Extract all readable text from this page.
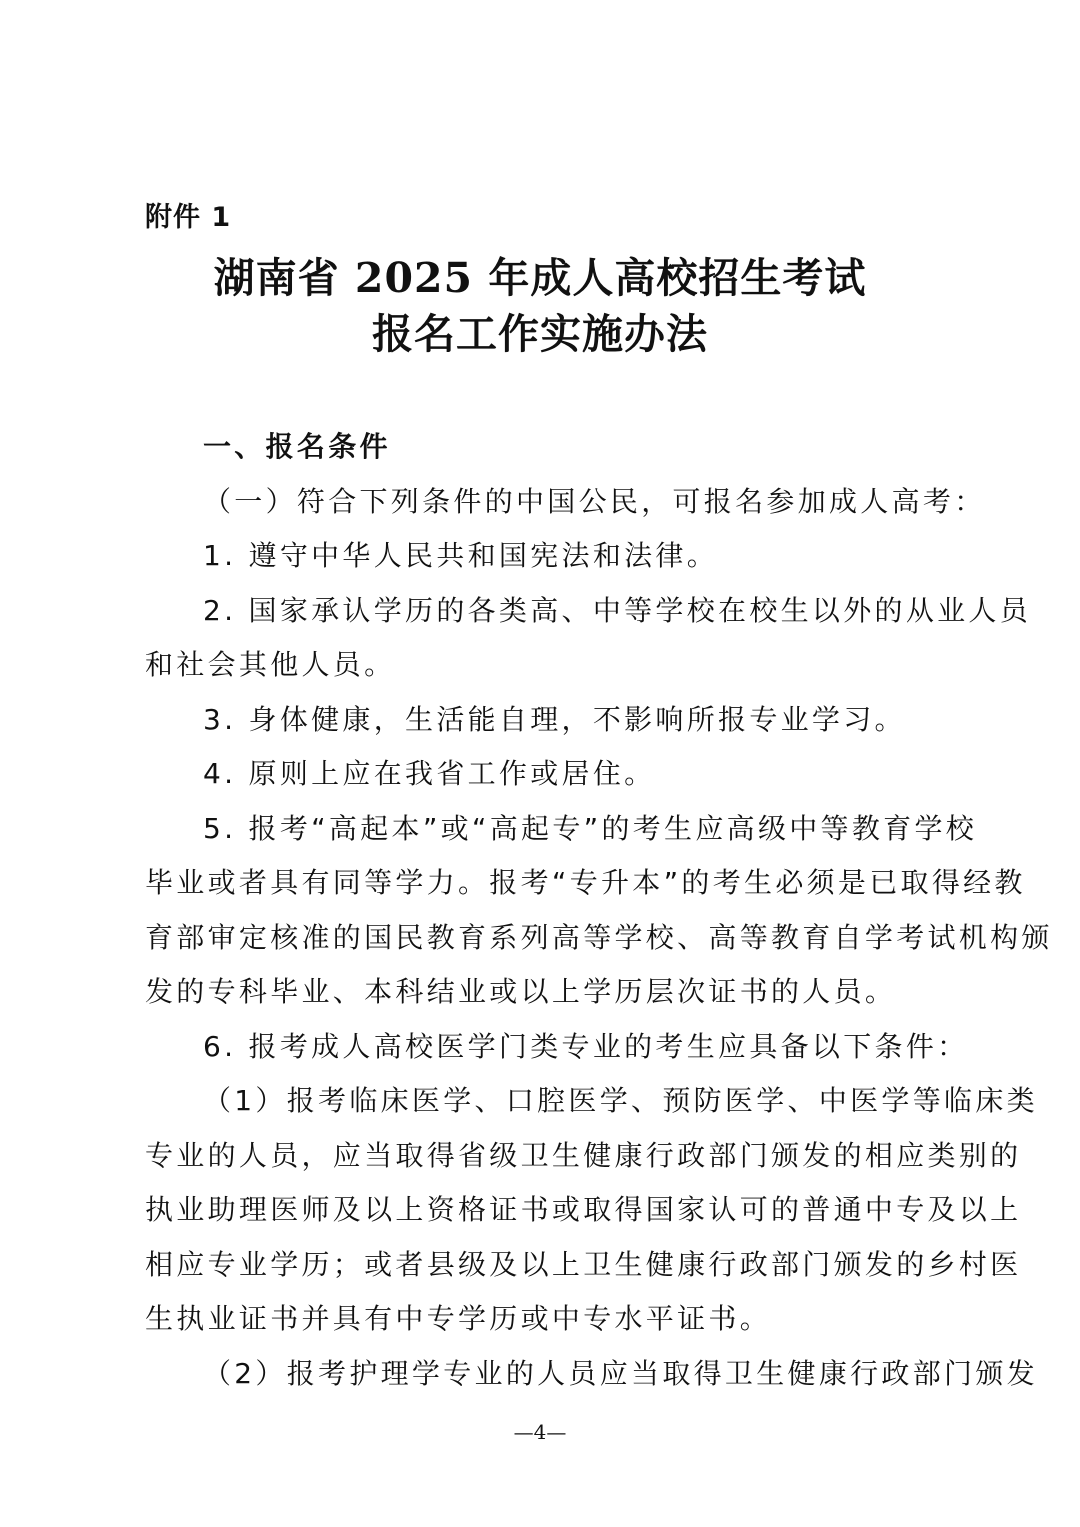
附件 1
湖南省 2025 年成人高校招生考试
报名工作实施办法
一、报名条件
（一）符合下列条件的中国公民，可报名参加成人高考：
1. 遵守中华人民共和国宪法和法律。
2. 国家承认学历的各类高、中等学校在校生以外的从业人员
和社会其他人员。
3. 身体健康，生活能自理，不影响所报专业学习。
4. 原则上应在我省工作或居住。
5. 报考“高起本”或“高起专”的考生应高级中等教育学校
毕业或者具有同等学力。报考“专升本”的考生必须是已取得经教
育部审定核准的国民教育系列高等学校、高等教育自学考试机构颁
发的专科毕业、本科结业或以上学历层次证书的人员。
6. 报考成人高校医学门类专业的考生应具备以下条件：
（1）报考临床医学、口腔医学、预防医学、中医学等临床类
专业的人员，应当取得省级卫生健康行政部门颁发的相应类别的
执业助理医师及以上资格证书或取得国家认可的普通中专及以上
相应专业学历；或者县级及以上卫生健康行政部门颁发的乡村医
生执业证书并具有中专学历或中专水平证书。
（2）报考护理学专业的人员应当取得卫生健康行政部门颁发
—4—
